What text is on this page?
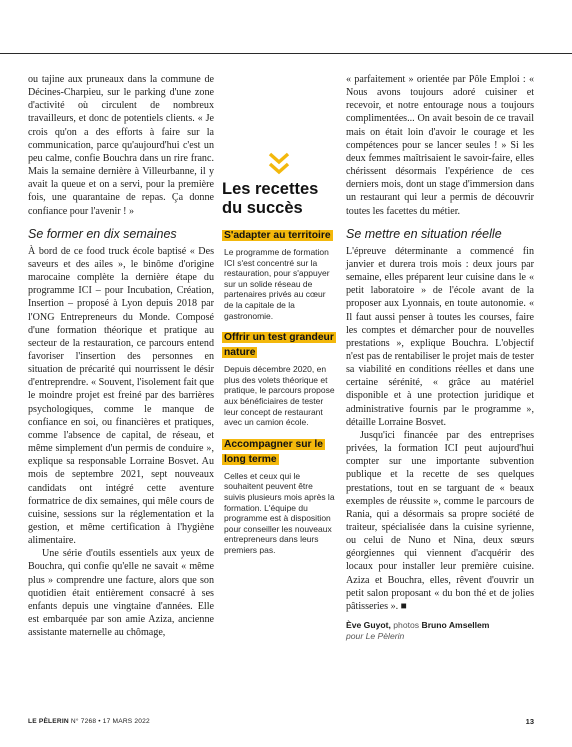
ou tajine aux pruneaux dans la commune de Décines-Charpieu, sur le parking d'une zone d'activité où circulent de nombreux travailleurs, et donc de potentiels clients. « Je crois qu'on a des efforts à faire sur la communication, parce qu'aujourd'hui c'est un peu calme, confie Bouchra dans un rire franc. Mais la semaine dernière à Villeurbanne, il y avait la queue et on a servi, pour la première fois, une quarantaine de repas. Ça donne confiance pour l'avenir ! »

Se former en dix semaines

À bord de ce food truck école baptisé « Des saveurs et des ailes », le binôme d'origine marocaine complète la dernière étape du programme ICI – pour Incubation, Création, Insertion – proposé à Lyon depuis 2018 par l'ONG Entrepreneurs du Monde. Composé d'une formation théorique et pratique au secteur de la restauration, ce parcours entend favoriser l'insertion des personnes en situation de précarité qui nourrissent le désir d'entreprendre. « Souvent, l'isolement fait que le moindre projet est freiné par des barrières psychologiques, comme le manque de confiance en soi, ou financières et pratiques, comme l'absence de capital, de réseau, et même simplement d'un permis de conduire », explique sa responsable Lorraine Bosvet. Au mois de septembre 2021, sept nouveaux candidats ont intégré cette aventure formatrice de dix semaines, qui mêle cours de cuisine, sessions sur la réglementation et la gestion, et même certification à l'hygiène alimentaire.

Une série d'outils essentiels aux yeux de Bouchra, qui confie qu'elle ne savait « même plus » comprendre une facture, alors que son quotidien était entièrement consacré à ses enfants depuis une vingtaine d'années. Elle est embarquée par son amie Aziza, ancienne assistante maternelle au chômage,

Les recettes du succès
S'adapter au territoire

Le programme de formation ICI s'est concentré sur la restauration, pour s'appuyer sur un solide réseau de partenaires privés au cœur de la capitale de la gastronomie.

Offrir un test grandeur nature

Depuis décembre 2020, en plus des volets théorique et pratique, le parcours propose aux bénéficiaires de tester leur concept de restaurant avec un camion école.

Accompagner sur le long terme

Celles et ceux qui le souhaitent peuvent être suivis plusieurs mois après la formation. L'équipe du programme est à disposition pour conseiller les nouveaux entrepreneurs dans leurs premiers pas.

« parfaitement » orientée par Pôle Emploi : « Nous avons toujours adoré cuisiner et recevoir, et notre entourage nous a toujours complimentées... On avait besoin de ce travail mais on était loin d'avoir le courage et les compétences pour se lancer seules ! » Si les deux femmes maîtrisaient le savoir-faire, elles chérissent désormais l'expérience de ces derniers mois, dont un stage d'immersion dans un restaurant qui leur a permis de découvrir toutes les facettes du métier.

Se mettre en situation réelle

L'épreuve déterminante a commencé fin janvier et durera trois mois : deux jours par semaine, elles préparent leur cuisine dans le « petit laboratoire » de l'école avant de la proposer aux Lyonnais, en toute autonomie. « Il faut aussi penser à toutes les courses, faire les comptes et démarcher pour de nouvelles prestations », explique Bouchra. L'objectif n'est pas de rentabiliser le projet mais de tester sa viabilité en conditions réelles et dans une certaine sérénité, « grâce au matériel disponible et à une protection juridique et administrative fournis par le programme », détaille Lorraine Bosvet.

Jusqu'ici financée par des entreprises privées, la formation ICI peut aujourd'hui compter sur une importante subvention publique et la recette de ses quelques prestations, tout en se targuant de « beaux exemples de réussite », comme le parcours de Rania, qui a désormais sa propre société de traiteur, spécialisée dans la cuisine syrienne, ou celui de Nuno et Nina, deux sœurs géorgiennes qui viennent d'acquérir des locaux pour installer leur première cuisine. Aziza et Bouchra, elles, rêvent d'ouvrir un petit salon proposant « du bon thé et de jolies pâtisseries ». ■

Ève Guyot, photos Bruno Amsellem
pour Le Pèlerin
LE PÈLERIN N° 7268 • 17 MARS 2022	13
